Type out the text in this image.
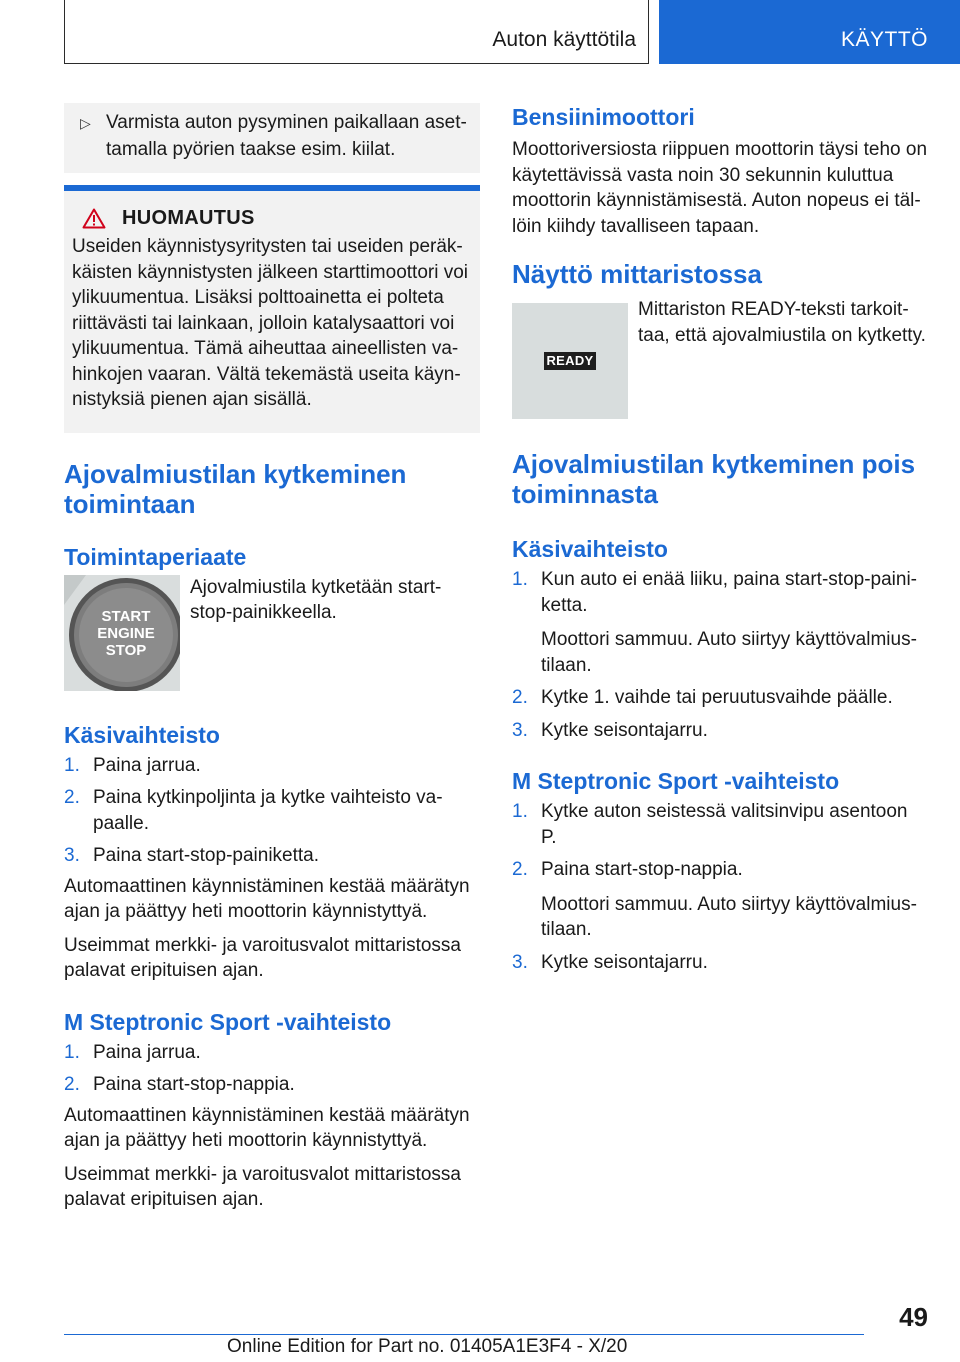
Auton käyttötila	KÄYTTÖ
▷ Varmista auton pysyminen paikallaan aset-tamalla pyörien taakse esim. kiilat.
HUOMAUTUS
Useiden käynnistysyritysten tai useiden peräk-käisten käynnistysten jälkeen starttimoottori voi ylikuumentua. Lisäksi polttoainetta ei polteta riittävästi tai lainkaan, jolloin katalysaattori voi ylikuumentua. Tämä aiheuttaa aineellisten va-hinkojen vaaran. Vältä tekemästä useita käyn-nistyksiä pienen ajan sisällä.
Ajovalmiustilan kytkeminen toimintaan
Toimintaperiaate
START
ENGINE
STOP
Ajovalmiustila kytketään start-stop-painikkeella.
Käsivaihteisto
1. Paina jarrua.
2. Paina kytkinpoljinta ja kytke vaihteisto va-paalle.
3. Paina start-stop-painiketta.
Automaattinen käynnistäminen kestää määrätyn ajan ja päättyy heti moottorin käynnistyttyä.
Useimmat merkki- ja varoitusvalot mittaristossa palavat eripituisen ajan.
M Steptronic Sport -vaihteisto
1. Paina jarrua.
2. Paina start-stop-nappia.
Automaattinen käynnistäminen kestää määrätyn ajan ja päättyy heti moottorin käynnistyttyä.
Useimmat merkki- ja varoitusvalot mittaristossa palavat eripituisen ajan.
Bensiinimoottori
Moottoriversiosta riippuen moottorin täysi teho on käytettävissä vasta noin 30 sekunnin kuluttua moottorin käynnistämisestä. Auton nopeus ei täl-löin kiihdy tavalliseen tapaan.
Näyttö mittaristossa
READY
Mittariston READY-teksti tarkoit-taa, että ajovalmiustila on kytketty.
Ajovalmiustilan kytkeminen pois toiminnasta
Käsivaihteisto
1. Kun auto ei enää liiku, paina start-stop-paini-ketta.
Moottori sammuu. Auto siirtyy käyttövalmius-tilaan.
2. Kytke 1. vaihde tai peruutusvaihde päälle.
3. Kytke seisontajarru.
M Steptronic Sport -vaihteisto
1. Kytke auton seistessä valitsinvipu asentoon P.
2. Paina start-stop-nappia.
Moottori sammuu. Auto siirtyy käyttövalmius-tilaan.
3. Kytke seisontajarru.
49
Online Edition for Part no. 01405A1E3F4 - X/20
